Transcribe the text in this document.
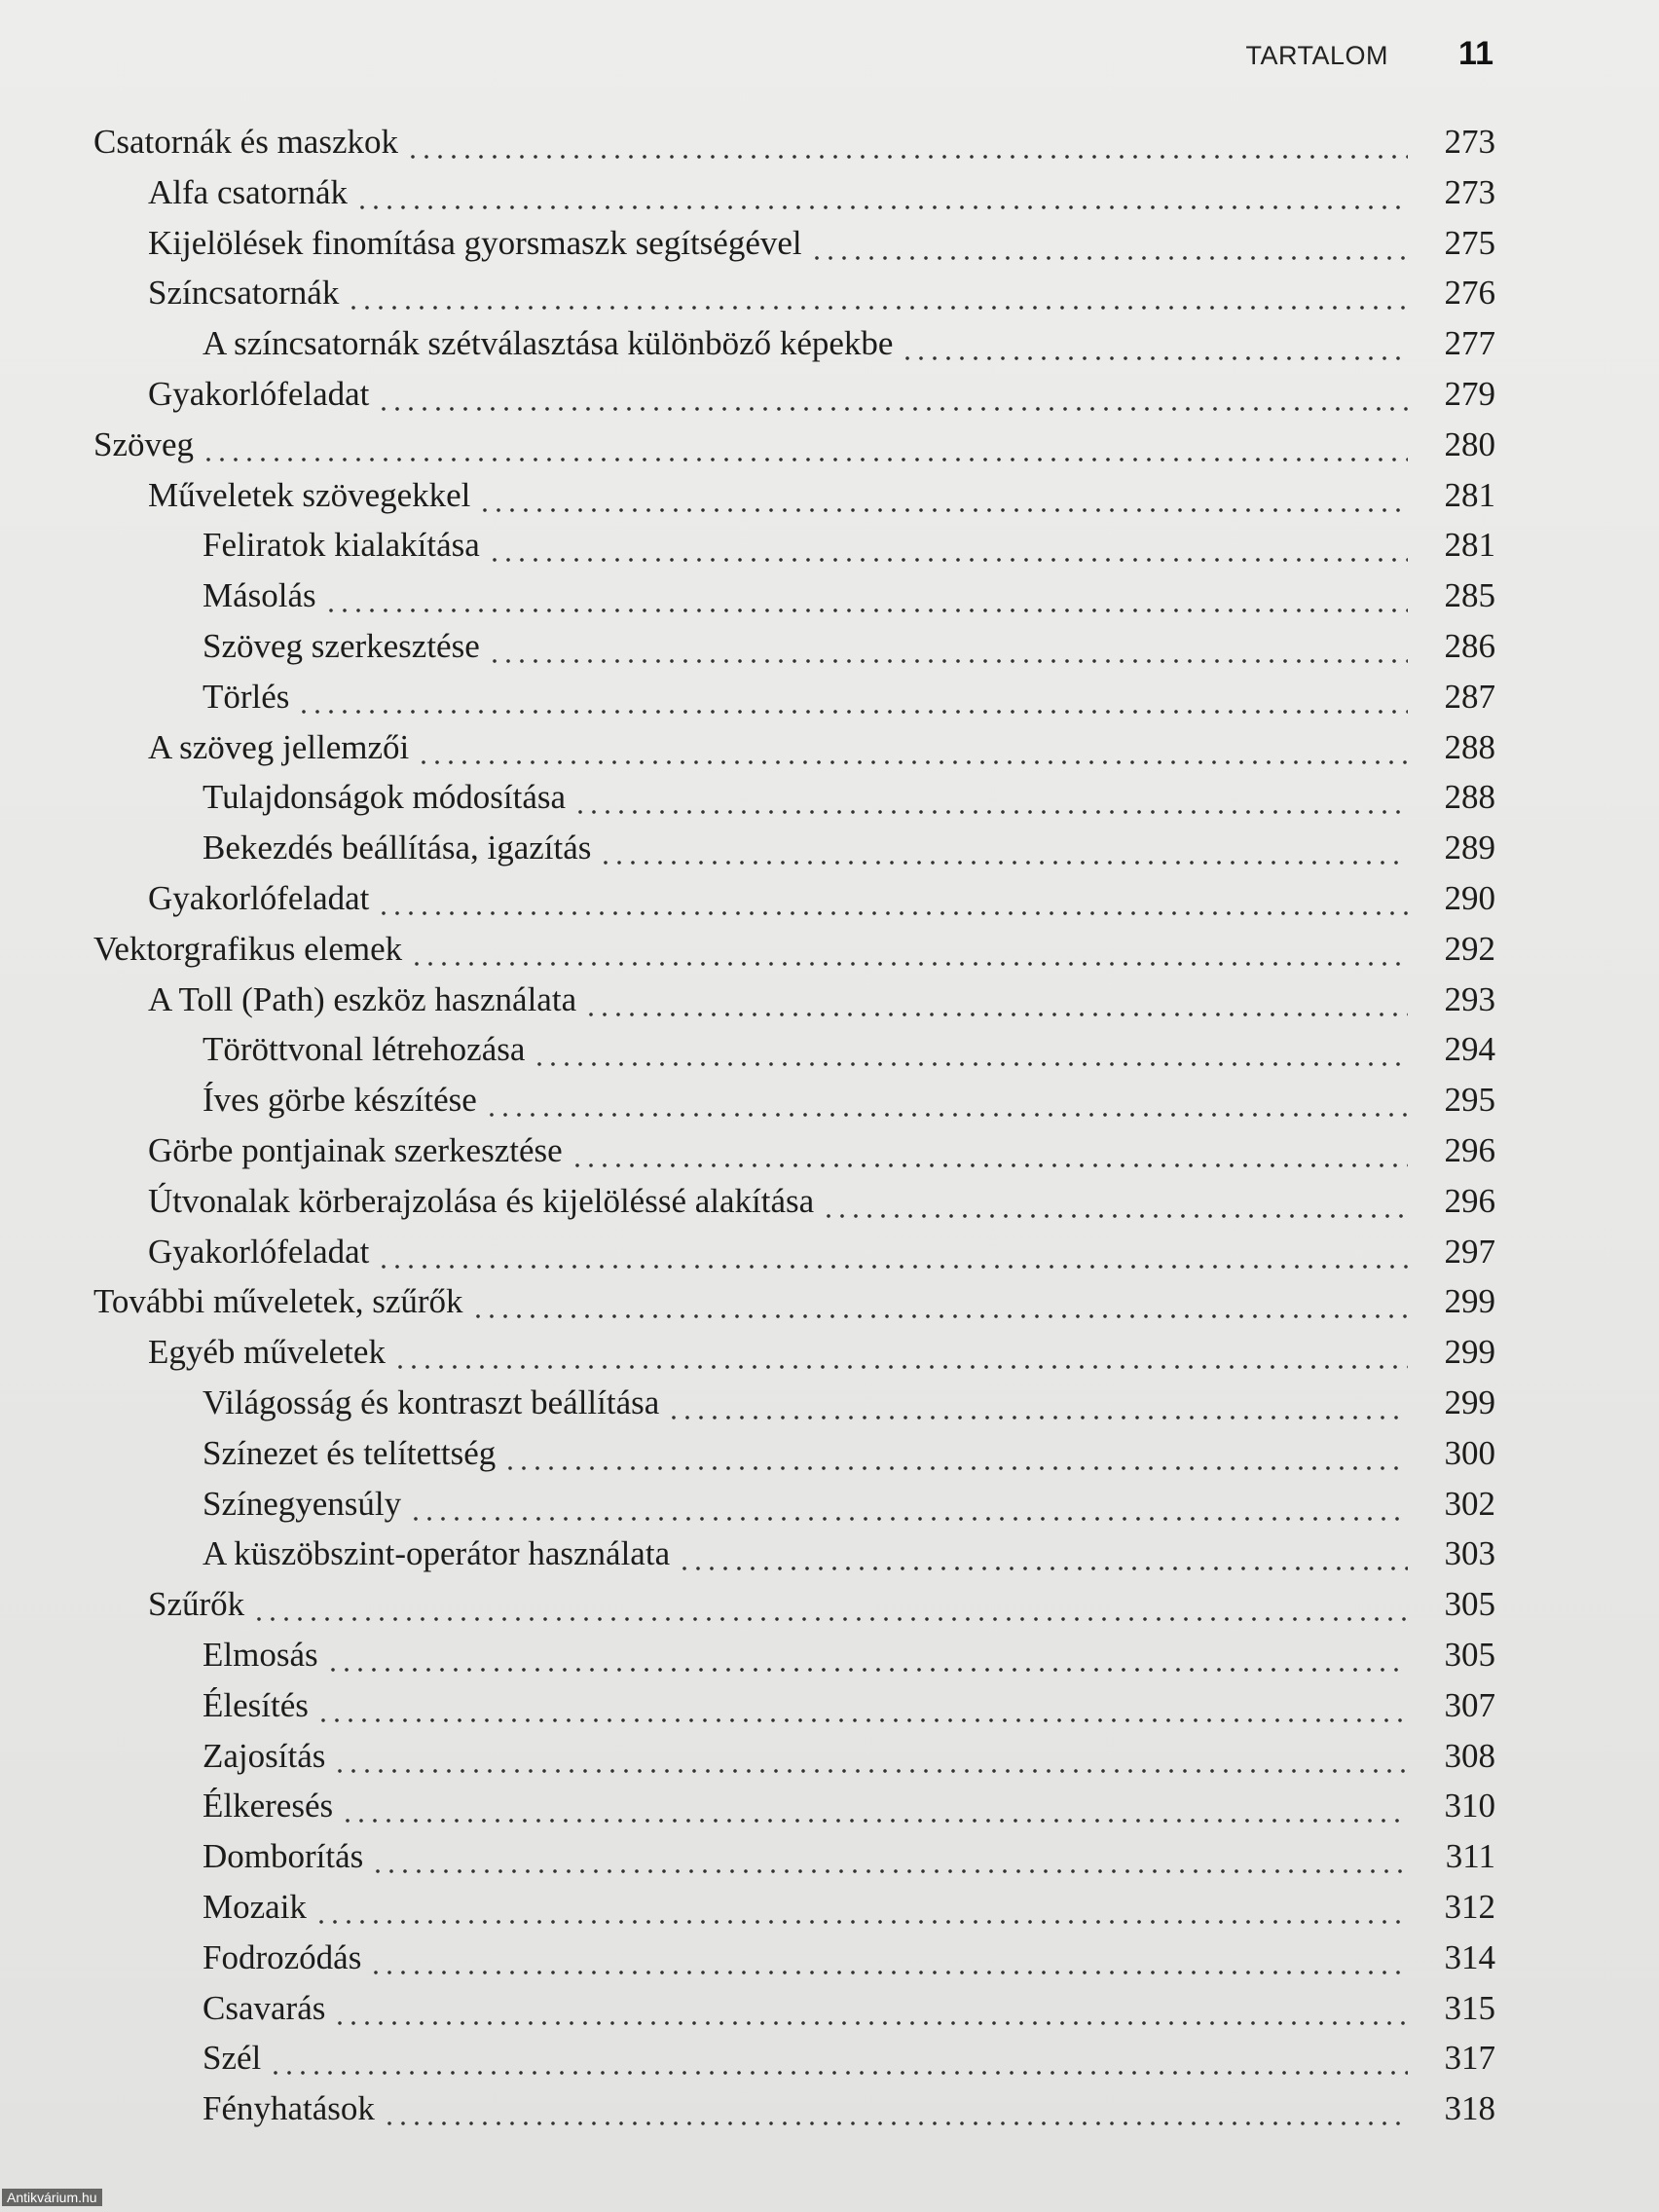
TARTALOM 11
Csatornák és maszkok	273
Alfa csatornák	273
Kijelölések finomítása gyorsmaszk segítségével	275
Színcsatornák	276
A színcsatornák szétválasztása különböző képekbe	277
Gyakorlófeladat	279
Szöveg	280
Műveletek szövegekkel	281
Feliratok kialakítása	281
Másolás	285
Szöveg szerkesztése	286
Törlés	287
A szöveg jellemzői	288
Tulajdonságok módosítása	288
Bekezdés beállítása, igazítás	289
Gyakorlófeladat	290
Vektorgrafikus elemek	292
A Toll (Path) eszköz használata	293
Töröttvonal létrehozása	294
Íves görbe készítése	295
Görbe pontjainak szerkesztése	296
Útvonalak körberajzolása és kijelöléssé alakítása	296
Gyakorlófeladat	297
További műveletek, szűrők	299
Egyéb műveletek	299
Világosság és kontraszt beállítása	299
Színezet és telítettség	300
Színegyensúly	302
A küszöbszint-operátor használata	303
Szűrők	305
Elmosás	305
Élesítés	307
Zajosítás	308
Élkeresés	310
Domborítás	311
Mozaik	312
Fodrozódás	314
Csavarás	315
Szél	317
Fényhatások	318
Antikvárium.hu
